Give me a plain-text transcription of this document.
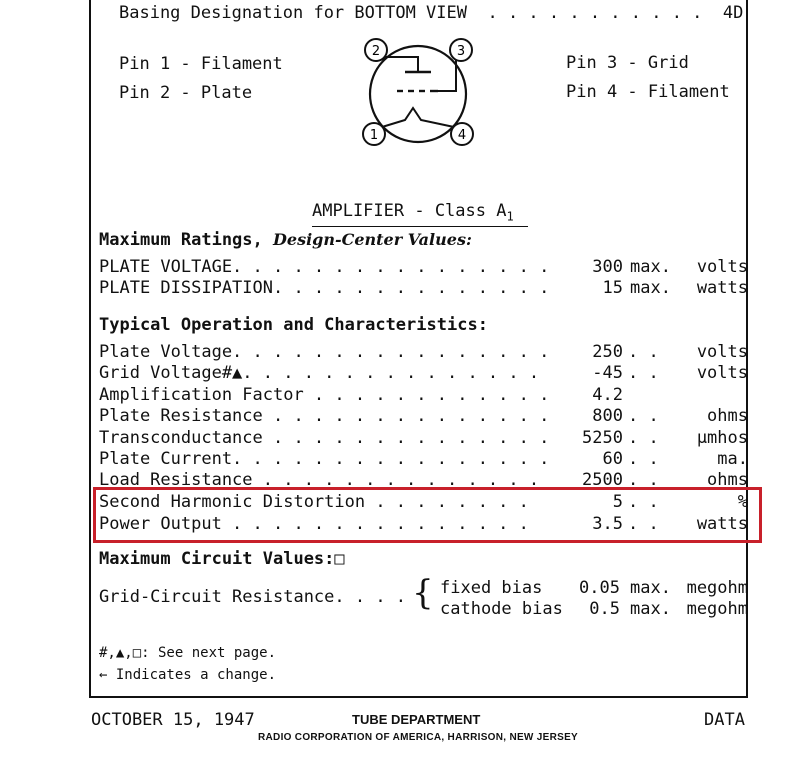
Basing Designation for BOTTOM VIEW . . . . . . . . . . . 4D
Pin 1 - Filament
Pin 2 - Plate
Pin 3 - Grid
Pin 4 - Filament
2	3
1	4
AMPLIFIER - Class $A_1$
Maximum Ratings, Design-Center Values:
PLATE VOLTAGE. . . . . . . . . . . . . . . .	300 max. volts
PLATE DISSIPATION. . . . . . . . . . . . . .	15 max. watts
Typical Operation and Characteristics:
Plate Voltage. . . . . . . . . . . . . . . .	250 . . volts
Grid Voltage#▲. . . . . . . . . . . . . . .	-45 . . volts
Amplification Factor . . . . . . . . . . . .	4.2
Plate Resistance . . . . . . . . . . . . . .	800 . .	ohms
Transconductance . . . . . . . . . . . . . .	5250 . . μmhos
Plate Current. . . . . . . . . . . . . . . .	60 . .	ma.
Load Resistance . . . . . . . . . . . . . .	2500 . .	ohms
Second Harmonic Distortion . . . . . . . .	5 . .	%
Power Output . . . . . . . . . . . . . . .	3.5 . . watts
Maximum Circuit Values:□
Grid-Circuit Resistance. . . . { fixed bias	0.05 max. megohm
cathode bias	0.5 max. megohm
#,▲,□: See next page.
← Indicates a change.
OCTOBER 15, 1947	TUBE DEPARTMENT
RADIO CORPORATION OF AMERICA, HARRISON, NEW JERSEY
DATA
